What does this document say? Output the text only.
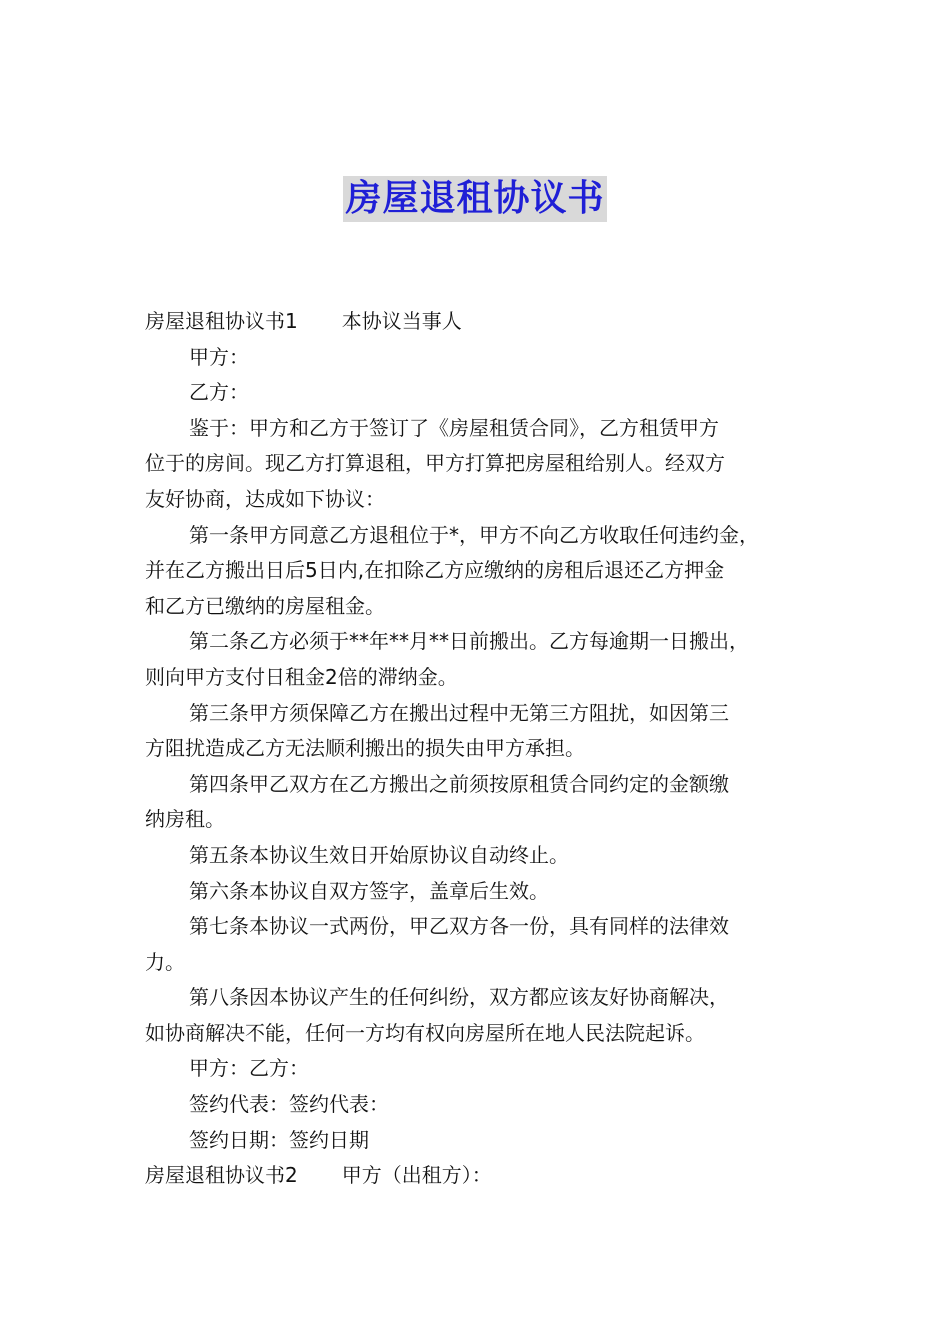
房屋退租协议书
房屋退租协议书1 本协议当事人
甲方：
乙方：
鉴于：甲方和乙方于签订了《房屋租赁合同》，乙方租赁甲方
位于的房间。现乙方打算退租，甲方打算把房屋租给别人。经双方
友好协商，达成如下协议：
第一条甲方同意乙方退租位于*，甲方不向乙方收取任何违约金，
并在乙方搬出日后5日内,在扣除乙方应缴纳的房租后退还乙方押金
和乙方已缴纳的房屋租金。
第二条乙方必须于**年**月**日前搬出。乙方每逾期一日搬出，
则向甲方支付日租金2倍的滞纳金。
第三条甲方须保障乙方在搬出过程中无第三方阻扰，如因第三
方阻扰造成乙方无法顺利搬出的损失由甲方承担。
第四条甲乙双方在乙方搬出之前须按原租赁合同约定的金额缴
纳房租。
第五条本协议生效日开始原协议自动终止。
第六条本协议自双方签字，盖章后生效。
第七条本协议一式两份，甲乙双方各一份，具有同样的法律效
力。
第八条因本协议产生的任何纠纷，双方都应该友好协商解决，
如协商解决不能，任何一方均有权向房屋所在地人民法院起诉。
甲方：乙方：
签约代表：签约代表：
签约日期：签约日期
房屋退租协议书2 甲方（出租方）：
